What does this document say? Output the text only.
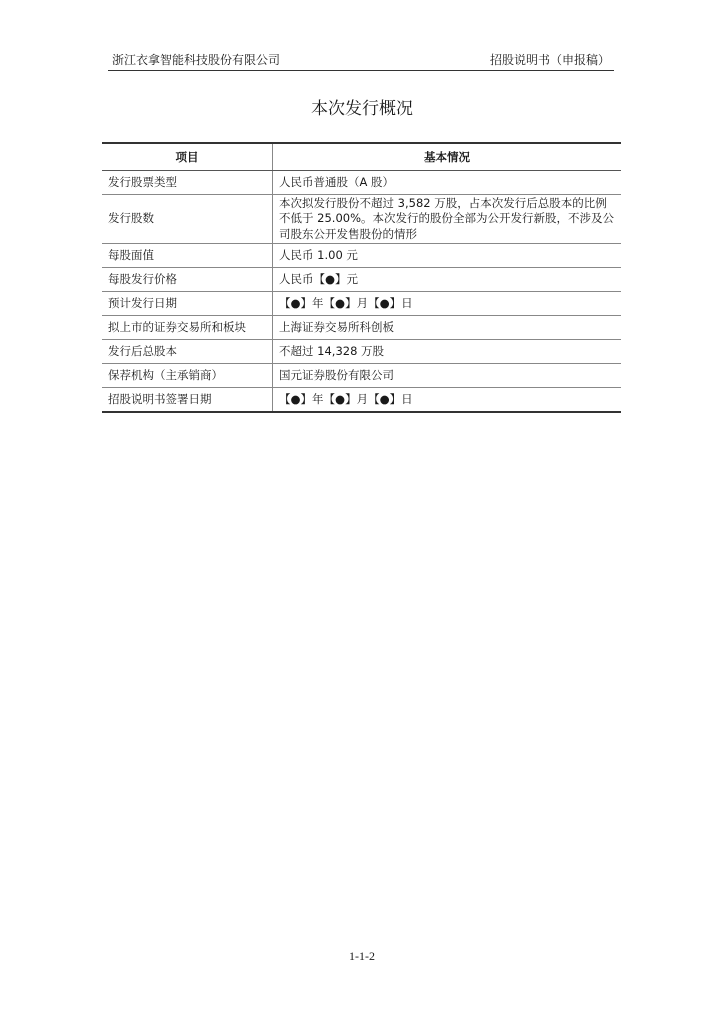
浙江衣拿智能科技股份有限公司	招股说明书（申报稿）
本次发行概况
项目	基本情况
发行股票类型	人民币普通股（A 股）
发行股数	本次拟发行股份不超过 3,582 万股，占本次发行后总股本的比例不低于 25.00%。本次发行的股份全部为公开发行新股，不涉及公司股东公开发售股份的情形
每股面值	人民币 1.00 元
每股发行价格	人民币【●】元
预计发行日期	【●】年【●】月【●】日
拟上市的证券交易所和板块	上海证券交易所科创板
发行后总股本	不超过 14,328 万股
保荐机构（主承销商）	国元证券股份有限公司
招股说明书签署日期	【●】年【●】月【●】日
1-1-2
